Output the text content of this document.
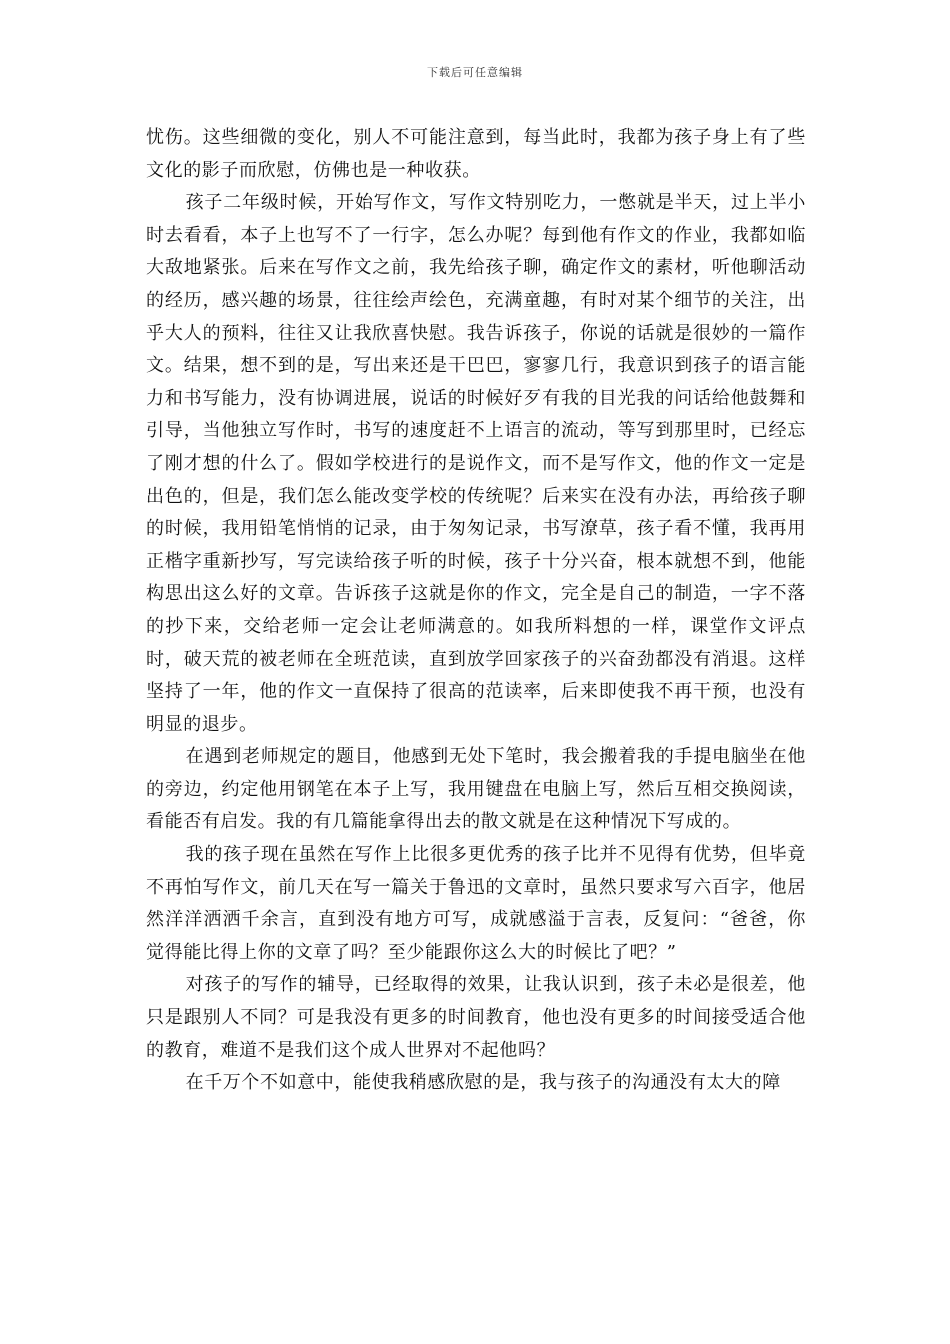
下载后可任意编辑

忧伤。这些细微的变化，别人不可能注意到，每当此时，我都为孩子身上有了些文化的影子而欣慰，仿佛也是一种收获。

孩子二年级时候，开始写作文，写作文特别吃力，一憋就是半天，过上半小时去看看，本子上也写不了一行字，怎么办呢？每到他有作文的作业，我都如临大敌地紧张。后来在写作文之前，我先给孩子聊，确定作文的素材，听他聊活动的经历，感兴趣的场景，往往绘声绘色，充满童趣，有时对某个细节的关注，出乎大人的预料，往往又让我欣喜快慰。我告诉孩子，你说的话就是很妙的一篇作文。结果，想不到的是，写出来还是干巴巴，寥寥几行，我意识到孩子的语言能力和书写能力，没有协调进展，说话的时候好歹有我的目光我的问话给他鼓舞和引导，当他独立写作时，书写的速度赶不上语言的流动，等写到那里时，已经忘了刚才想的什么了。假如学校进行的是说作文，而不是写作文，他的作文一定是出色的，但是，我们怎么能改变学校的传统呢？后来实在没有办法，再给孩子聊的时候，我用铅笔悄悄的记录，由于匆匆记录，书写潦草，孩子看不懂，我再用正楷字重新抄写，写完读给孩子听的时候，孩子十分兴奋，根本就想不到，他能构思出这么好的文章。告诉孩子这就是你的作文，完全是自己的制造，一字不落的抄下来，交给老师一定会让老师满意的。如我所料想的一样，课堂作文评点时，破天荒的被老师在全班范读，直到放学回家孩子的兴奋劲都没有消退。这样坚持了一年，他的作文一直保持了很高的范读率，后来即使我不再干预，也没有明显的退步。

在遇到老师规定的题目，他感到无处下笔时，我会搬着我的手提电脑坐在他的旁边，约定他用钢笔在本子上写，我用键盘在电脑上写，然后互相交换阅读，看能否有启发。我的有几篇能拿得出去的散文就是在这种情况下写成的。

我的孩子现在虽然在写作上比很多更优秀的孩子比并不见得有优势，但毕竟不再怕写作文，前几天在写一篇关于鲁迅的文章时，虽然只要求写六百字，他居然洋洋洒洒千余言，直到没有地方可写，成就感溢于言表，反复问：“爸爸，你觉得能比得上你的文章了吗？至少能跟你这么大的时候比了吧？”

对孩子的写作的辅导，已经取得的效果，让我认识到，孩子未必是很差，他只是跟别人不同？可是我没有更多的时间教育，他也没有更多的时间接受适合他的教育，难道不是我们这个成人世界对不起他吗？

在千万个不如意中，能使我稍感欣慰的是，我与孩子的沟通没有太大的障
